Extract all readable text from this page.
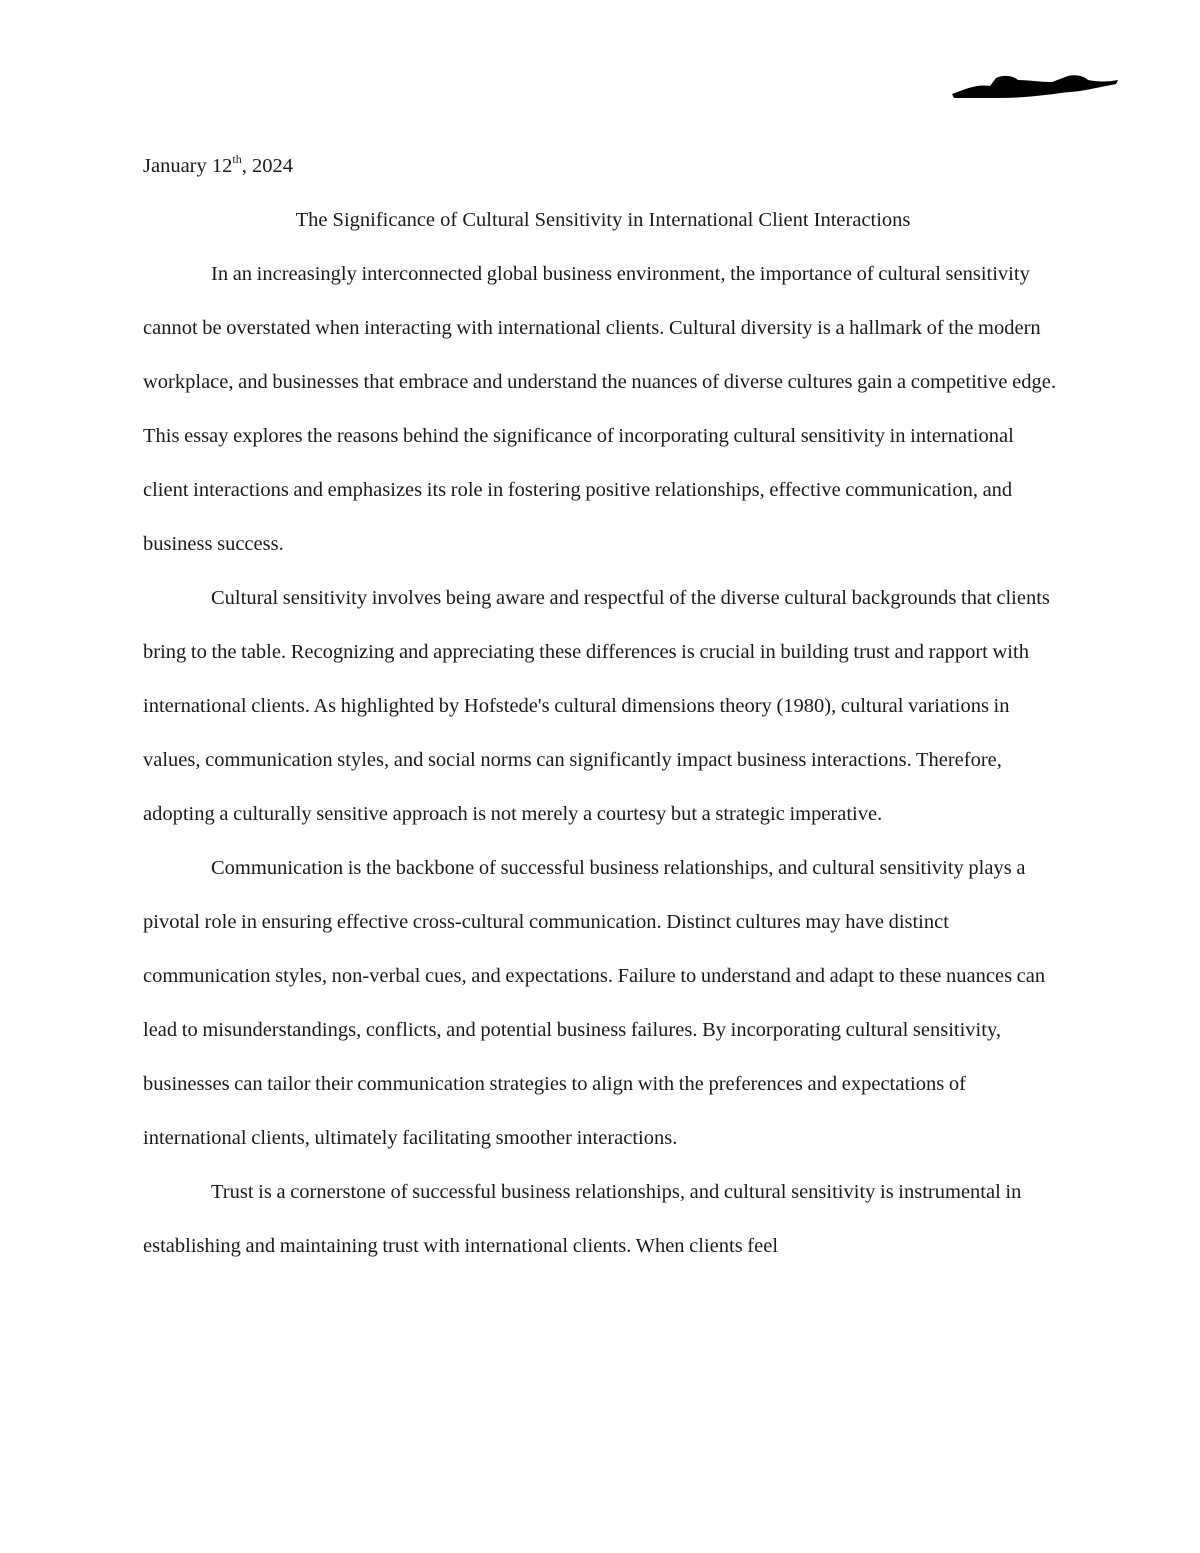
January 12th, 2024

The Significance of Cultural Sensitivity in International Client Interactions

In an increasingly interconnected global business environment, the importance of cultural sensitivity cannot be overstated when interacting with international clients. Cultural diversity is a hallmark of the modern workplace, and businesses that embrace and understand the nuances of diverse cultures gain a competitive edge. This essay explores the reasons behind the significance of incorporating cultural sensitivity in international client interactions and emphasizes its role in fostering positive relationships, effective communication, and business success.

Cultural sensitivity involves being aware and respectful of the diverse cultural backgrounds that clients bring to the table. Recognizing and appreciating these differences is crucial in building trust and rapport with international clients. As highlighted by Hofstede's cultural dimensions theory (1980), cultural variations in values, communication styles, and social norms can significantly impact business interactions. Therefore, adopting a culturally sensitive approach is not merely a courtesy but a strategic imperative.

Communication is the backbone of successful business relationships, and cultural sensitivity plays a pivotal role in ensuring effective cross-cultural communication. Distinct cultures may have distinct communication styles, non-verbal cues, and expectations. Failure to understand and adapt to these nuances can lead to misunderstandings, conflicts, and potential business failures. By incorporating cultural sensitivity, businesses can tailor their communication strategies to align with the preferences and expectations of international clients, ultimately facilitating smoother interactions.

Trust is a cornerstone of successful business relationships, and cultural sensitivity is instrumental in establishing and maintaining trust with international clients. When clients feel
